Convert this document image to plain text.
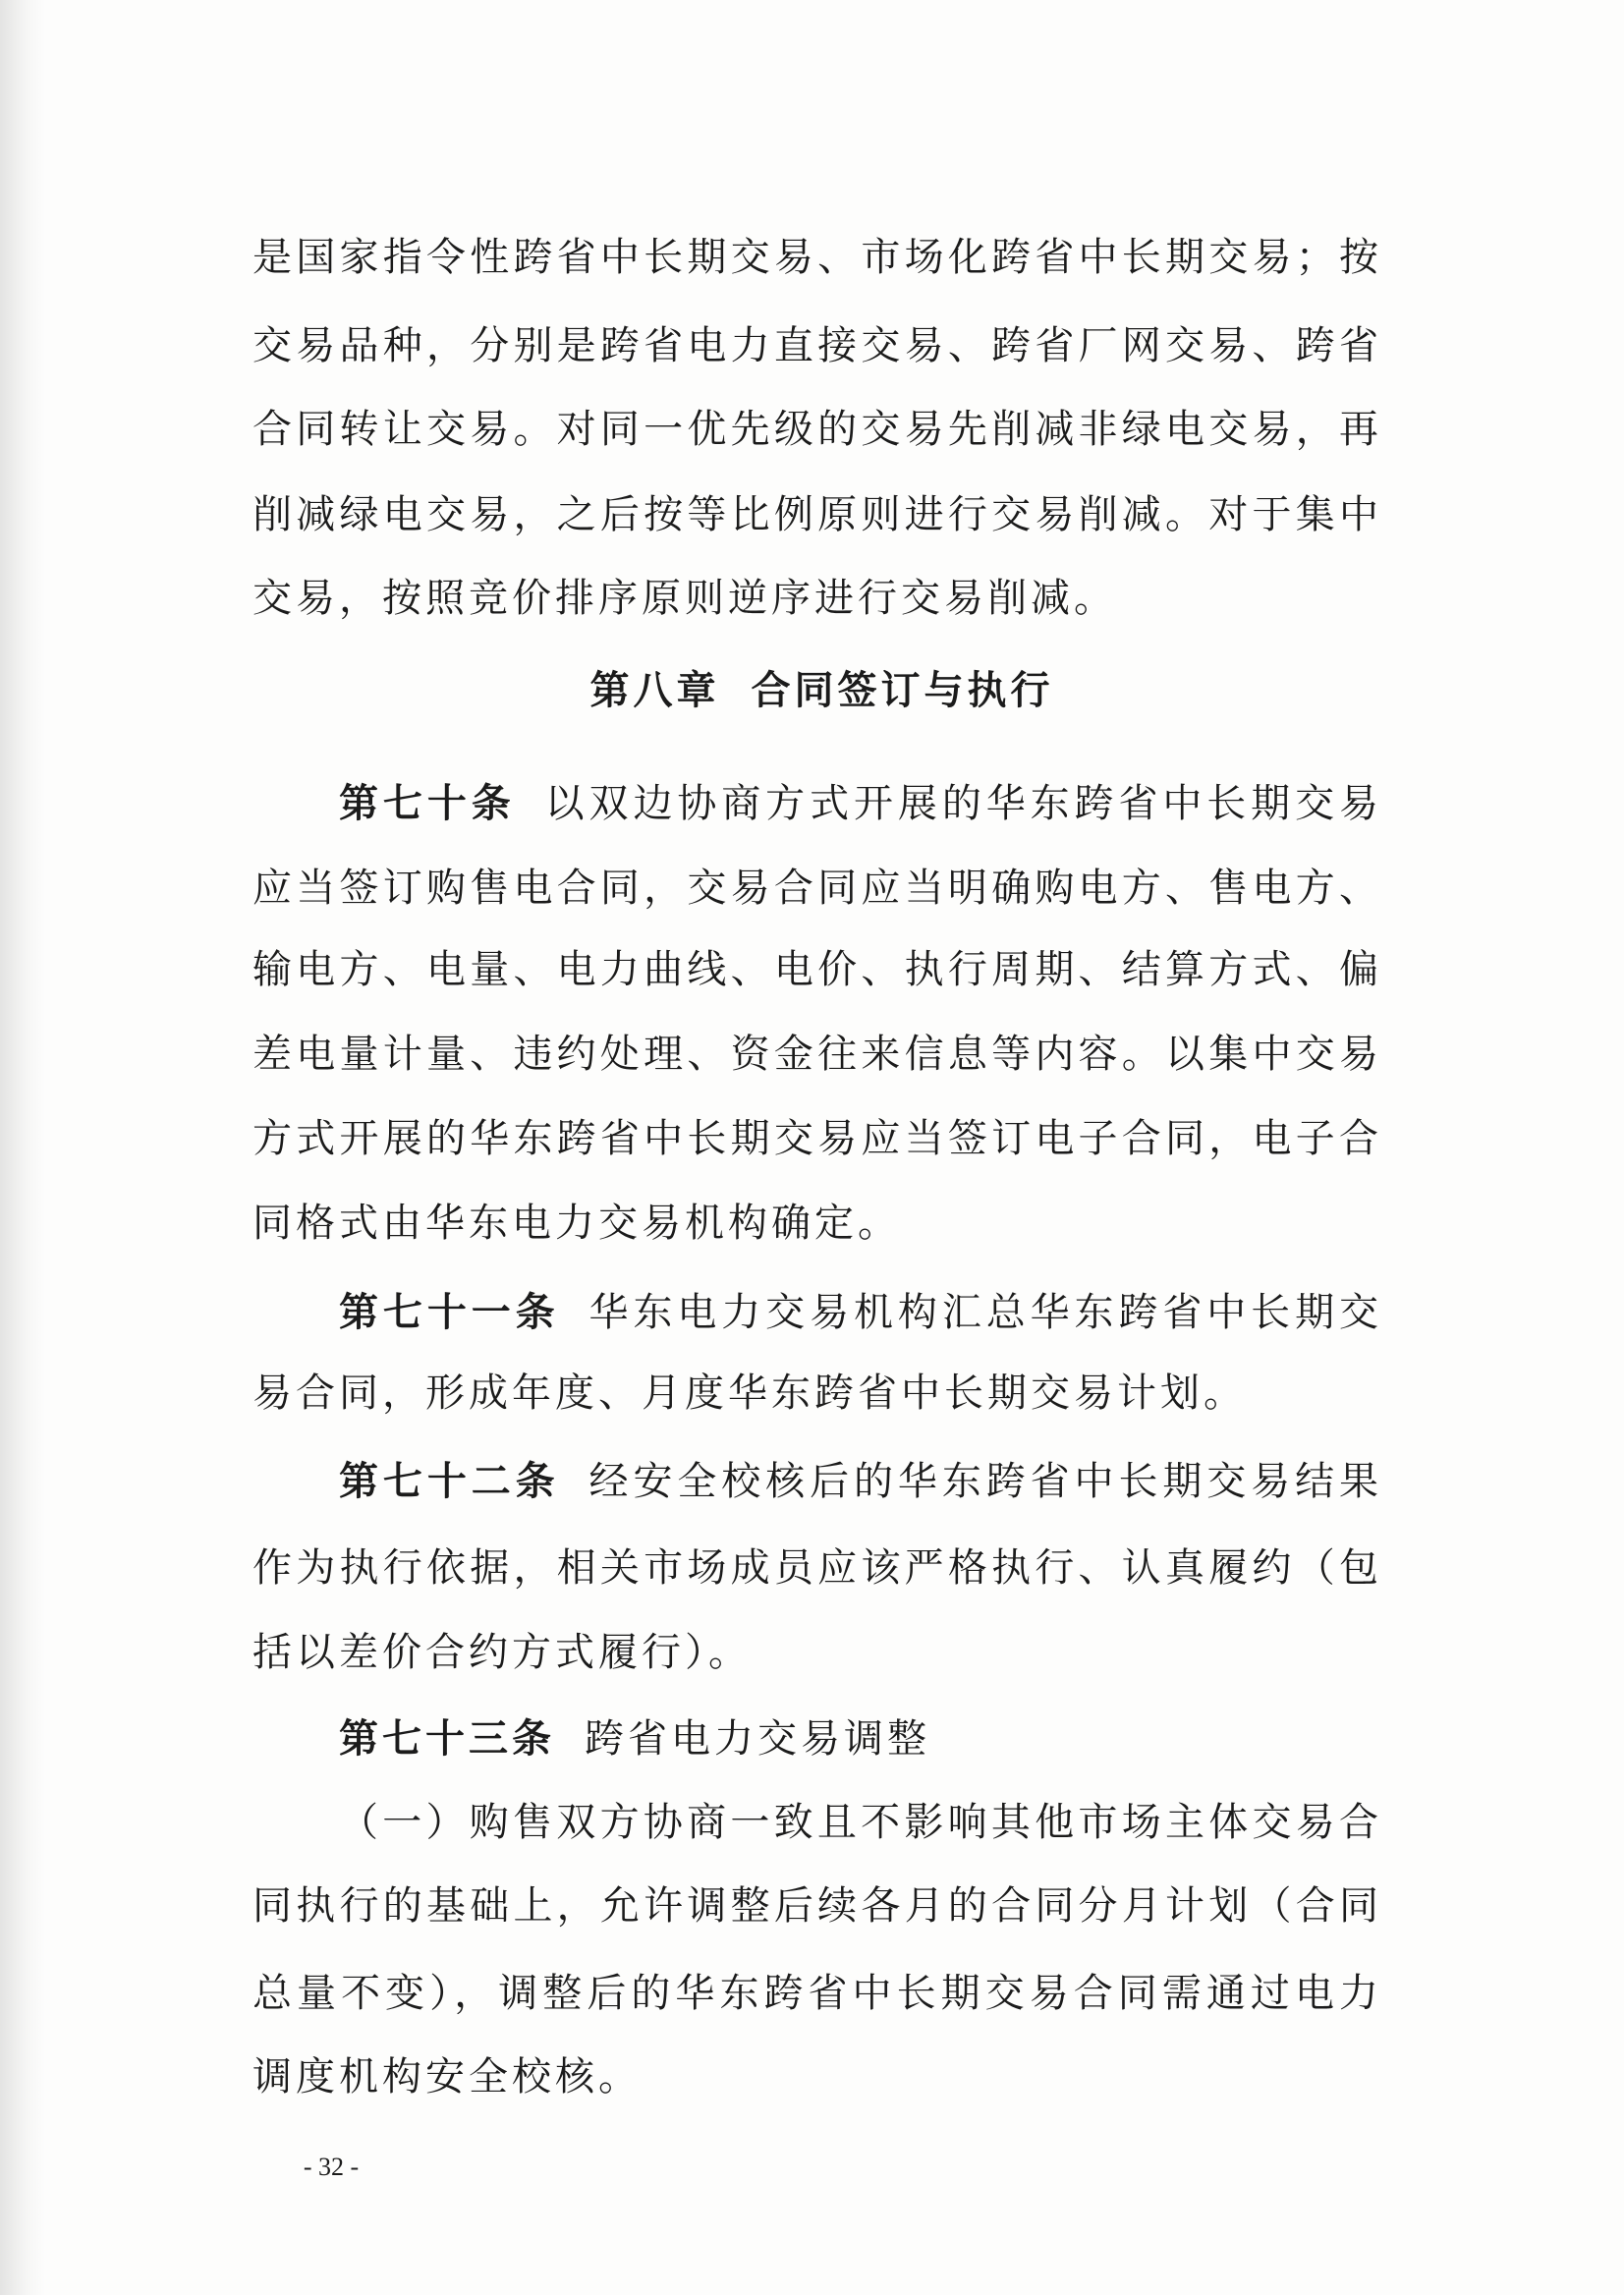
是国家指令性跨省中长期交易、市场化跨省中长期交易；按
交易品种，分别是跨省电力直接交易、跨省厂网交易、跨省
合同转让交易。对同一优先级的交易先削减非绿电交易，再
削减绿电交易，之后按等比例原则进行交易削减。对于集中
交易，按照竞价排序原则逆序进行交易削减。
第八章 合同签订与执行
第七十条 以双边协商方式开展的华东跨省中长期交易
应当签订购售电合同，交易合同应当明确购电方、售电方、
输电方、电量、电力曲线、电价、执行周期、结算方式、偏
差电量计量、违约处理、资金往来信息等内容。以集中交易
方式开展的华东跨省中长期交易应当签订电子合同，电子合
同格式由华东电力交易机构确定。
第七十一条 华东电力交易机构汇总华东跨省中长期交
易合同，形成年度、月度华东跨省中长期交易计划。
第七十二条 经安全校核后的华东跨省中长期交易结果
作为执行依据，相关市场成员应该严格执行、认真履约（包
括以差价合约方式履行）。
第七十三条 跨省电力交易调整
（一）购售双方协商一致且不影响其他市场主体交易合
同执行的基础上，允许调整后续各月的合同分月计划（合同
总量不变），调整后的华东跨省中长期交易合同需通过电力
调度机构安全校核。
- 32 -
